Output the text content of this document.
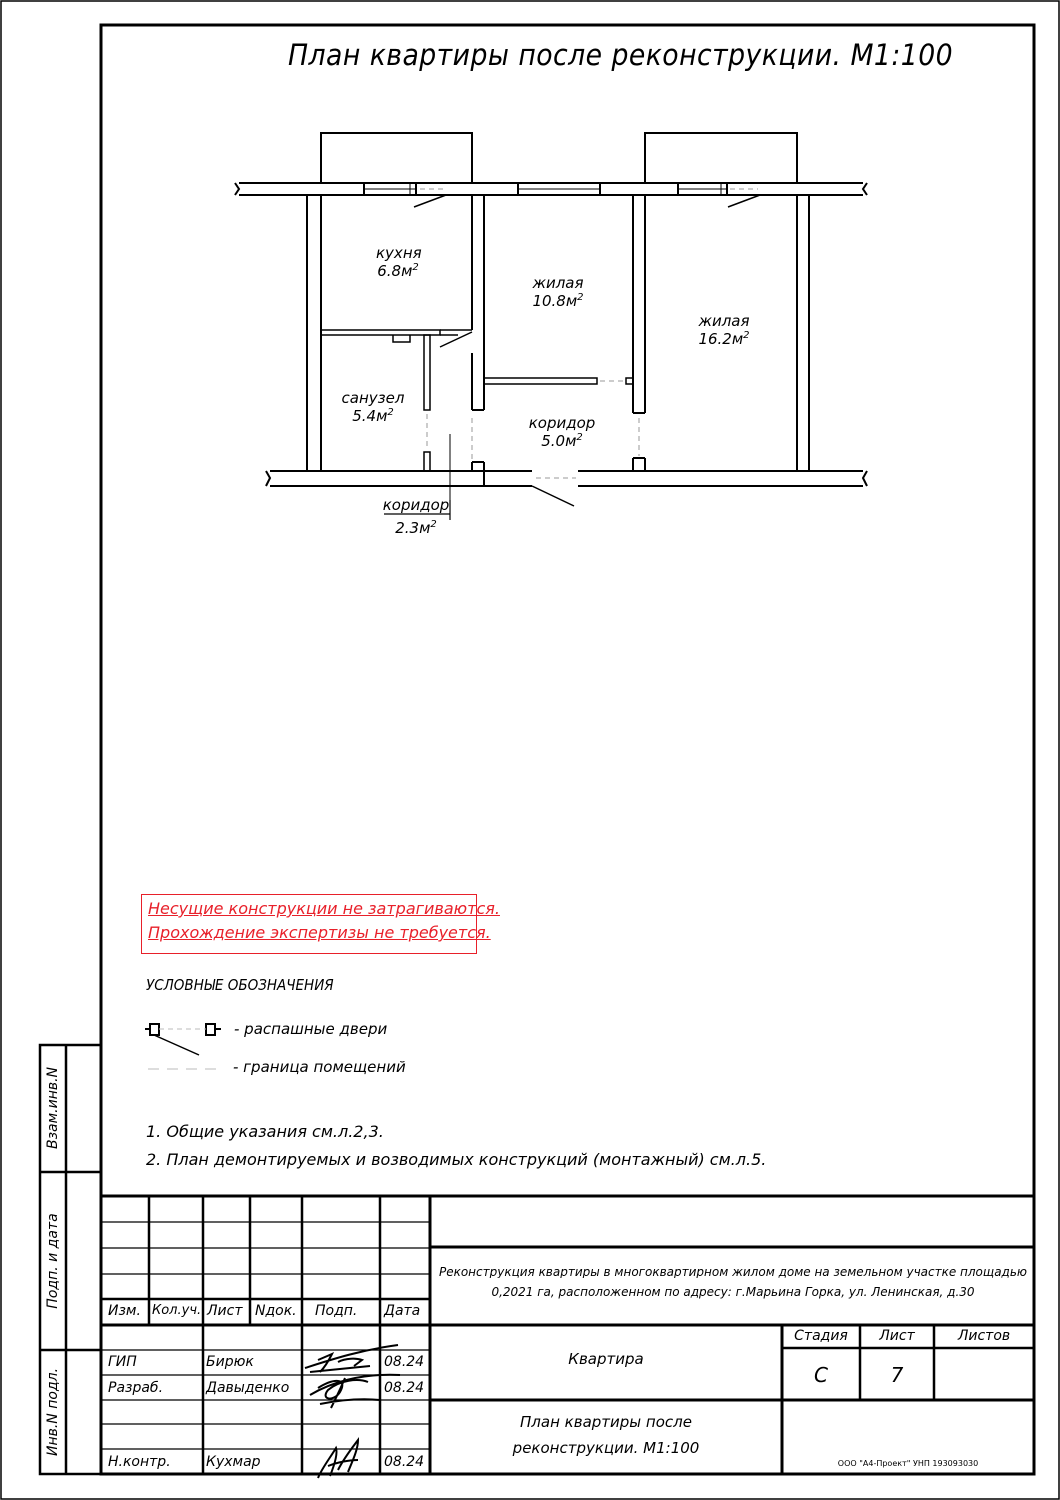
План квартиры после реконструкции. М1:100
кухня
$6.8м^2$
жилая
$10.8м^2$
жилая
$16.2м^2$
санузел
$5.4м^2$
коридор
$5.0м^2$
коридор
$2.3м^2$
Несущие конструкции не затрагиваются.
Прохождение экспертизы не требуется.
УСЛОВНЫЕ ОБОЗНАЧЕНИЯ
- распашные двери
- граница помещений
1. Общие указания см.л.2,3.
2. План демонтируемых и возводимых конструкций (монтажный) см.л.5.
Взам.инв.N
Подп. и дата
Инв.N подл.
Изм. Кол.уч. Лист Nдок. Подп. Дата
ГИП	Бирюк	08.24
Разраб.	Давыденко	08.24
Н.контр.	Кухмар	08.24
Реконструкция квартиры в многоквартирном жилом доме на земельном участке площадью
0,2021 га, расположенном по адресу: г.Марьина Горка, ул. Ленинская, д.30
Квартира
Стадия	Лист	Листов
С	7
План квартиры после
реконструкции. М1:100
ООО "А4-Проект" УНП 193093030
